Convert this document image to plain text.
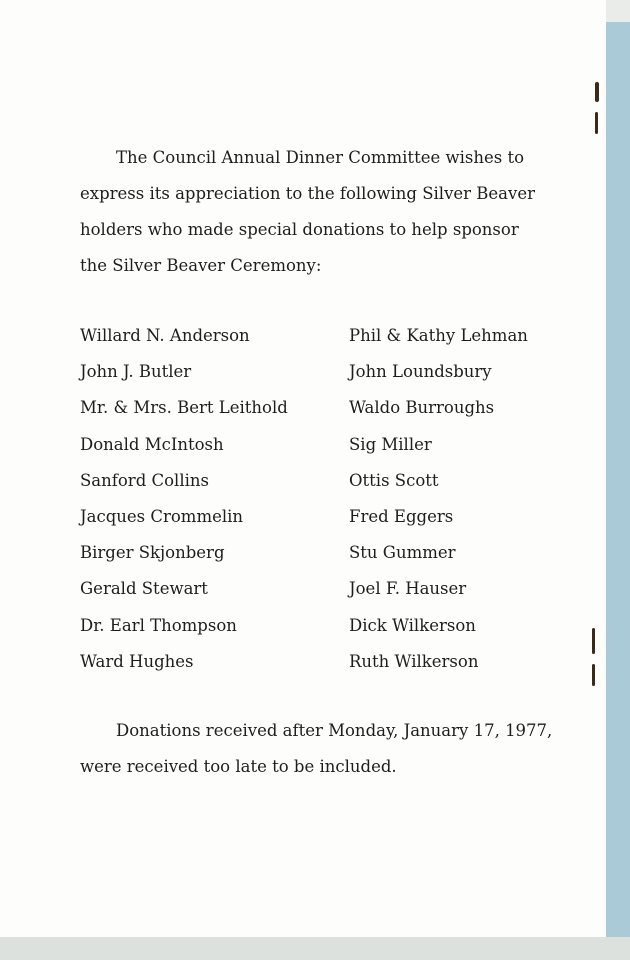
The Council Annual Dinner Committee wishes to
express its appreciation to the following Silver Beaver
holders who made special donations to help sponsor
the Silver Beaver Ceremony:

Willard N. Anderson
John J. Butler
Mr. & Mrs. Bert Leithold
Donald McIntosh
Sanford Collins
Jacques Crommelin
Birger Skjonberg
Gerald Stewart
Dr. Earl Thompson
Ward Hughes
Phil & Kathy Lehman
John Loundsbury
Waldo Burroughs
Sig Miller
Ottis Scott
Fred Eggers
Stu Gummer
Joel F. Hauser
Dick Wilkerson
Ruth Wilkerson

Donations received after Monday, January 17, 1977,
were received too late to be included.
